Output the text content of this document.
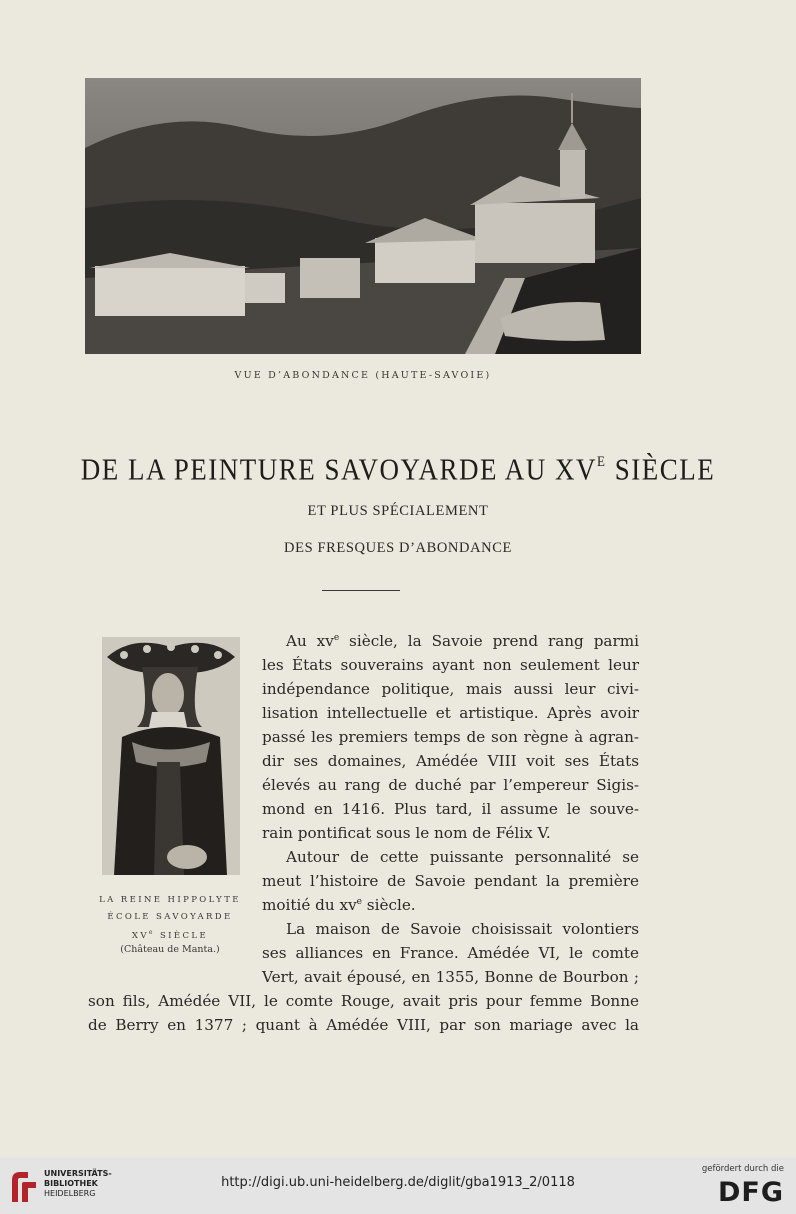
VUE D’ABONDANCE (HAUTE-SAVOIE)
DE LA PEINTURE SAVOYARDE AU $XV^E$ SIÈCLE
ET PLUS SPÉCIALEMENT
DES FRESQUES D’ABONDANCE
LA REINE HIPPOLYTE
ÉCOLE SAVOYARDE
XVe SIÈCLE
(Château de Manta.)
Au $xv^e$ siècle, la Savoie prend rang parmi
les États souverains ayant non seulement leur
indépendance politique, mais aussi leur civi-
lisation intellectuelle et artistique. Après avoir
passé les premiers temps de son règne à agran-
dir ses domaines, Amédée VIII voit ses États
élevés au rang de duché par l’empereur Sigis-
mond en 1416. Plus tard, il assume le souve-
rain pontificat sous le nom de Félix V.
Autour de cette puissante personnalité se
meut l’histoire de Savoie pendant la première
moitié du $xv^e$ siècle.
La maison de Savoie choisissait volontiers
ses alliances en France. Amédée VI, le comte
Vert, avait épousé, en 1355, Bonne de Bourbon ;
son fils, Amédée VII, le comte Rouge, avait pris pour femme Bonne
de Berry en 1377 ; quant à Amédée VIII, par son mariage avec la
UNIVERSITÄTS-
BIBLIOTHEK
HEIDELBERG
http://digi.ub.uni-heidelberg.de/diglit/gba1913_2/0118
gefördert durch die
DFG
